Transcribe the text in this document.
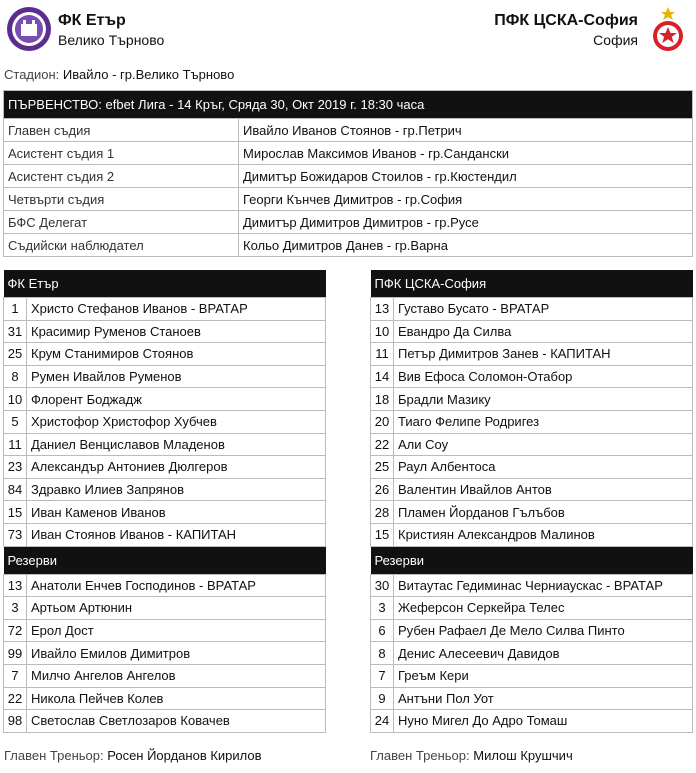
ФК Етър
Велико Търново
ПФК ЦСКА-София
София
Стадион: Ивайло - гр.Велико Търново
ПЪРВЕНСТВО: efbet Лига - 14 Кръг, Сряда 30, Окт 2019 г. 18:30 часа	
Главен съдия	Ивайло Иванов Стоянов - гр.Петрич
Асистент съдия 1	Мирослав Максимов Иванов - гр.Сандански
Асистент съдия 2	Димитър Божидаров Стоилов - гр.Кюстендил
Четвърти съдия	Георги Кънчев Димитров - гр.София
БФС Делегат	Димитър Димитров Димитров - гр.Русе
Съдийски наблюдател	Кольо Димитров Данев - гр.Варна
ФК Етър	
1	Христо Стефанов Иванов - ВРАТАР
31	Красимир Руменов Станоев
25	Крум Станимиров Стоянов
8	Румен Ивайлов Руменов
10	Флорент Боджадж
5	Христофор Христофор Хубчев
11	Даниел Венциславов Младенов
23	Александър Антониев Дюлгеров
84	Здравко Илиев Запрянов
15	Иван Каменов Иванов
73	Иван Стоянов Иванов - КАПИТАН
Резерви	
13	Анатоли Енчев Господинов - ВРАТАР
3	Артьом Артюнин
72	Ерол Дост
99	Ивайло Емилов Димитров
7	Милчо Ангелов Ангелов
22	Никола Пейчев Колев
98	Светослав Светлозаров Ковачев
ПФК ЦСКА-София	
13	Густаво Бусато - ВРАТАР
10	Евандро Да Силва
11	Петър Димитров Занев - КАПИТАН
14	Вив Ефоса Соломон-Отабор
18	Брадли Мазику
20	Тиаго Фелипе Родригез
22	Али Соу
25	Раул Албентоса
26	Валентин Ивайлов Антов
28	Пламен Йорданов Гълъбов
15	Кристиян Александров Малинов
Резерви	
30	Витаутас Гедиминас Черниаускас - ВРАТАР
3	Жеферсон Серкейра Телес
6	Рубен Рафаел Де Мело Силва Пинто
8	Денис Алесеевич Давидов
7	Греъм Кери
9	Антъни Пол Уот
24	Нуно Мигел До Адро Томаш
Главен Треньор: Росен Йорданов Кирилов	Главен Треньор: Милош Крушчич
